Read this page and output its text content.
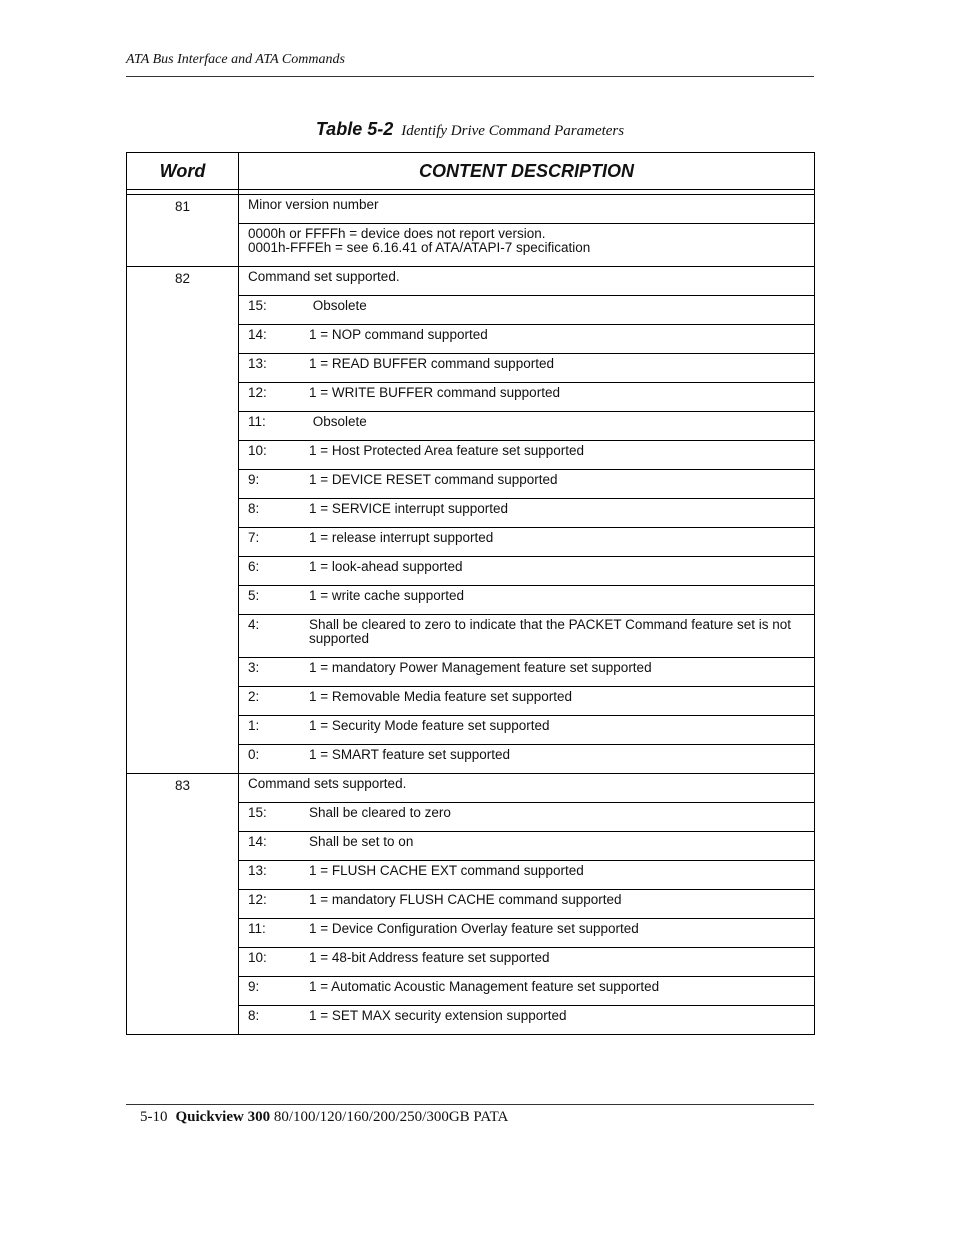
ATA Bus Interface and ATA Commands
Table 5-2 Identify Drive Command Parameters
Word	CONTENT DESCRIPTION

81	Minor version number

	0000h or FFFFh = device does not report version.
0001h-FFFEh = see 6.16.41 of ATA/ATAPI-7 specification

82	Command set supported.
	15: Obsolete
	14: 1 = NOP command supported
	13: 1 = READ BUFFER command supported
	12: 1 = WRITE BUFFER command supported
	11: Obsolete
	10: 1 = Host Protected Area feature set supported
	9: 1 = DEVICE RESET command supported
	8: 1 = SERVICE interrupt supported
	7: 1 = release interrupt supported
	6: 1 = look-ahead supported
	5: 1 = write cache supported
	4: Shall be cleared to zero to indicate that the PACKET Command feature set is not supported
	3: 1 = mandatory Power Management feature set supported
	2: 1 = Removable Media feature set supported
	1: 1 = Security Mode feature set supported
	0: 1 = SMART feature set supported
83	Command sets supported.
	15: Shall be cleared to zero
	14: Shall be set to on
	13: 1 = FLUSH CACHE EXT command supported
	12: 1 = mandatory FLUSH CACHE command supported
	11: 1 = Device Configuration Overlay feature set supported
	10: 1 = 48-bit Address feature set supported
	9: 1 = Automatic Acoustic Management feature set supported
	8: 1 = SET MAX security extension supported
5-10 Quickview 300 80/100/120/160/200/250/300GB PATA
